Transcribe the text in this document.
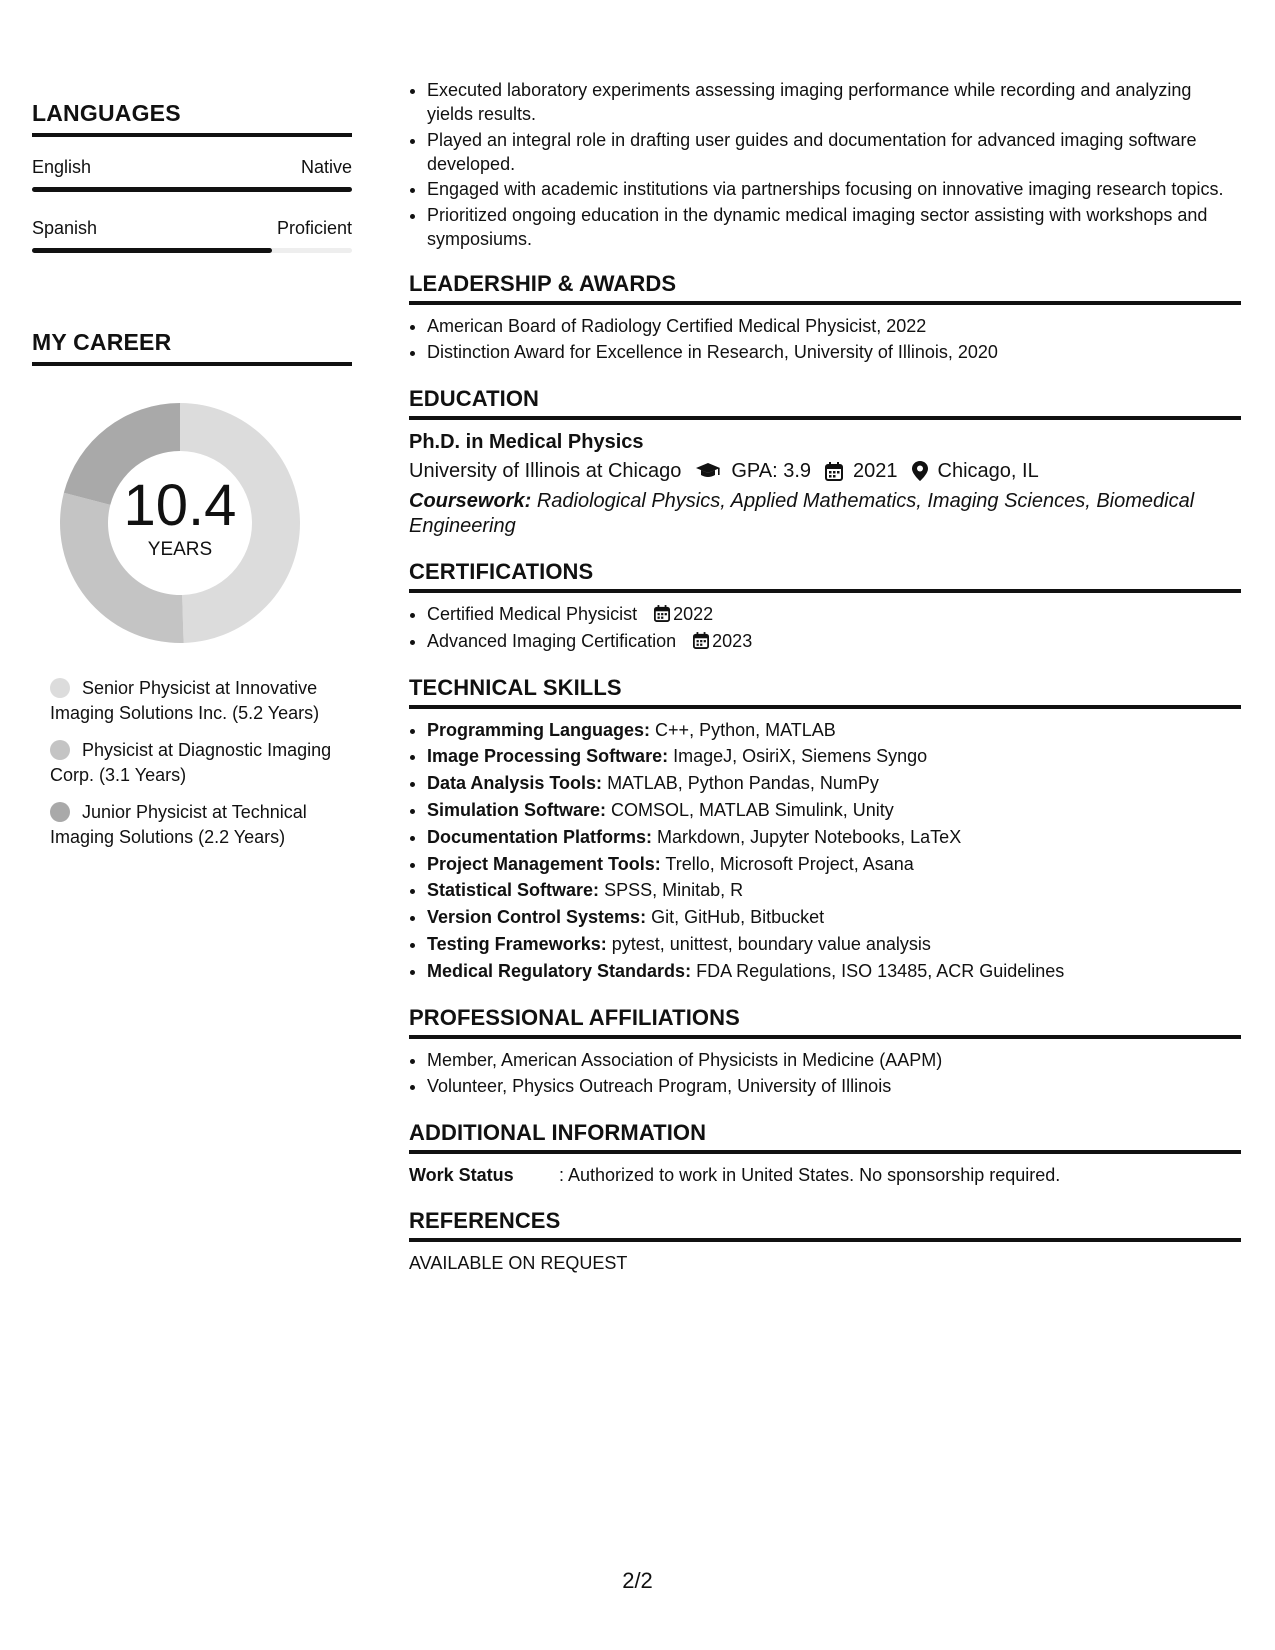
LANGUAGES
English	Native
Spanish	Proficient
MY CAREER
10.4
YEARS
Senior Physicist at Innovative Imaging Solutions Inc. (5.2 Years)
Physicist at Diagnostic Imaging Corp. (3.1 Years)
Junior Physicist at Technical Imaging Solutions (2.2 Years)
• Executed laboratory experiments assessing imaging performance while recording and analyzing yields results.
• Played an integral role in drafting user guides and documentation for advanced imaging software developed.
• Engaged with academic institutions via partnerships focusing on innovative imaging research topics.
• Prioritized ongoing education in the dynamic medical imaging sector assisting with workshops and symposiums.
LEADERSHIP & AWARDS
• American Board of Radiology Certified Medical Physicist, 2022
• Distinction Award for Excellence in Research, University of Illinois, 2020
EDUCATION
Ph.D. in Medical Physics
University of Illinois at Chicago	GPA: 3.9 2021 Chicago, IL
Coursework: Radiological Physics, Applied Mathematics, Imaging Sciences, Biomedical Engineering
CERTIFICATIONS
• Certified Medical Physicist 2022
• Advanced Imaging Certification 2023
TECHNICAL SKILLS
• Programming Languages: C++, Python, MATLAB
• Image Processing Software: ImageJ, OsiriX, Siemens Syngo
• Data Analysis Tools: MATLAB, Python Pandas, NumPy
• Simulation Software: COMSOL, MATLAB Simulink, Unity
• Documentation Platforms: Markdown, Jupyter Notebooks, LaTeX
• Project Management Tools: Trello, Microsoft Project, Asana
• Statistical Software: SPSS, Minitab, R
• Version Control Systems: Git, GitHub, Bitbucket
• Testing Frameworks: pytest, unittest, boundary value analysis
• Medical Regulatory Standards: FDA Regulations, ISO 13485, ACR Guidelines
PROFESSIONAL AFFILIATIONS
• Member, American Association of Physicists in Medicine (AAPM)
• Volunteer, Physics Outreach Program, University of Illinois
ADDITIONAL INFORMATION
Work Status	: Authorized to work in United States. No sponsorship required.
REFERENCES
AVAILABLE ON REQUEST
2/2
